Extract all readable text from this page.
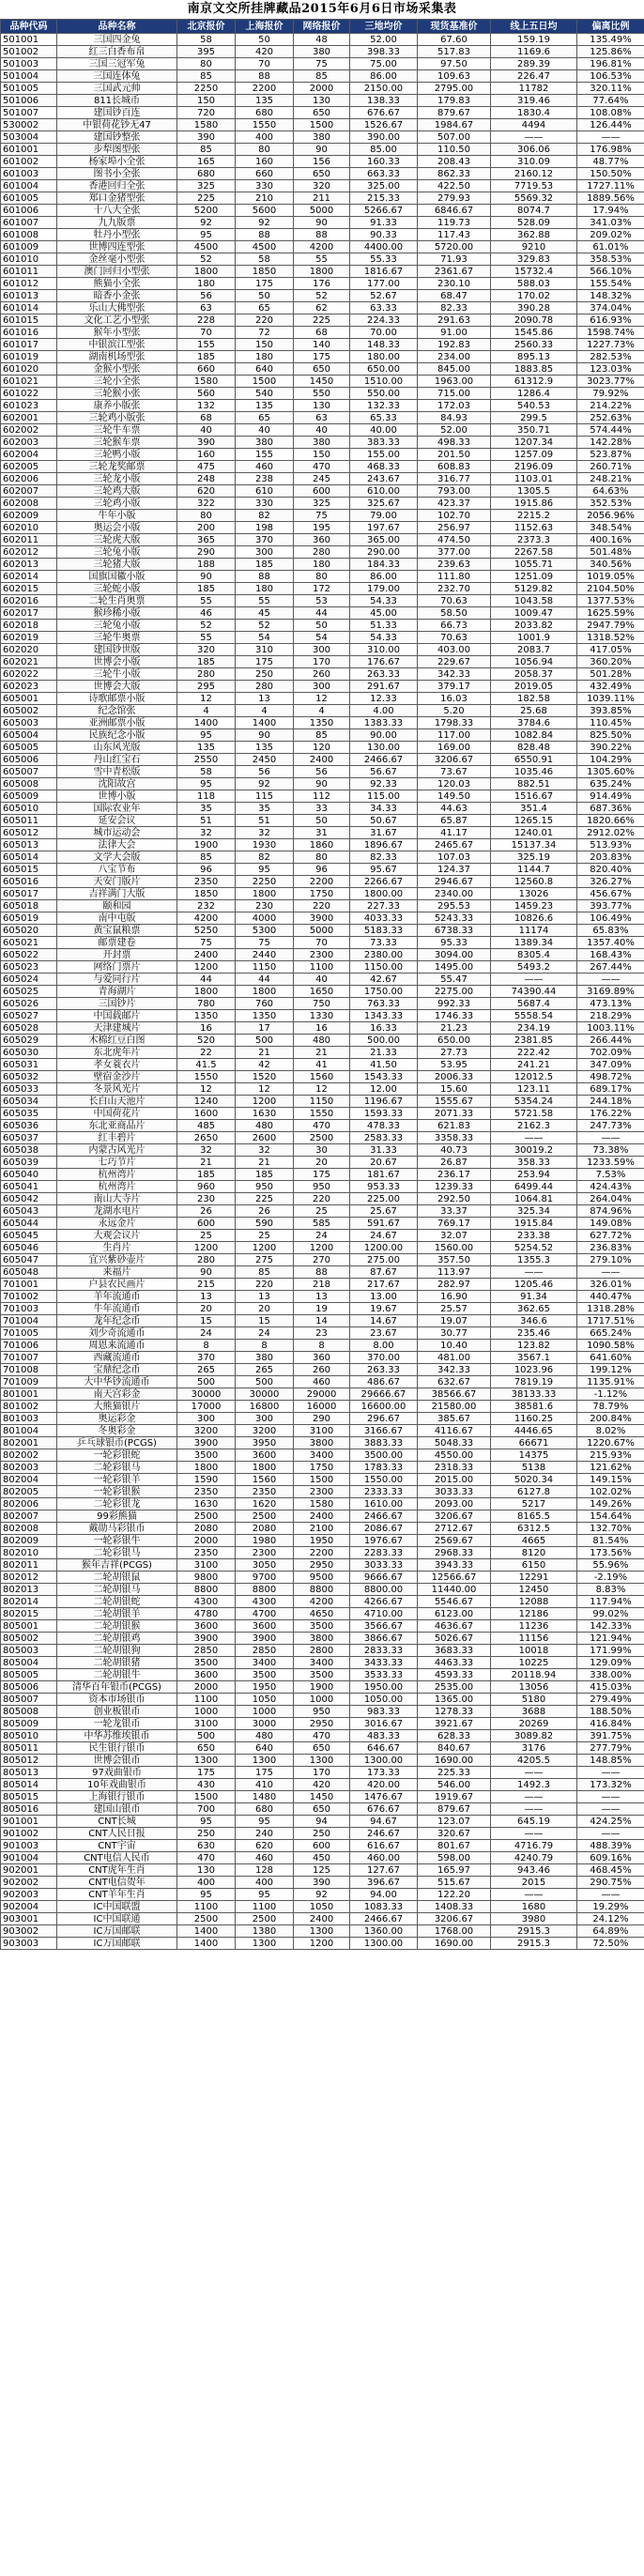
南京文交所挂牌藏品2015年6月6日市场采集表
品种代码	品种名称	北京报价	上海报价	网络报价	三地均价	现货基准价	线上五日均	偏离比例
501001	三国四金兔	58	50	48	52.00	67.60	159.19	135.49%
501002	红三白香布帛	395	420	380	398.33	517.83	1169.6	125.86%
501003	三国三冠军兔	80	70	75	75.00	97.50	289.39	196.81%
501004	三国连体兔	85	88	85	86.00	109.63	226.47	106.53%
501005	三国武元帅	2250	2200	2000	2150.00	2795.00	11782	320.11%
501006	811长城币	150	135	130	138.33	179.83	319.46	77.64%
501007	建国钞百连	720	680	650	676.67	879.67	1830.4	108.08%
530002	中银荷花钞无47	1580	1550	1500	1526.67	1984.67	4494	126.44%
503004	建国钞整张	390	400	380	390.00	507.00	——	——
601001	步犁图型张	85	80	90	85.00	110.50	306.06	176.98%
601002	杨家埠小全张	165	160	156	160.33	208.43	310.09	48.77%
601003	图书小全张	680	660	650	663.33	862.33	2160.12	150.50%
601004	香港回归全张	325	330	320	325.00	422.50	7719.53	1727.11%
601005	郑口金猪型张	225	210	211	215.33	279.93	5569.32	1889.56%
601006	十八大全张	5200	5600	5000	5266.67	6846.67	8074.7	17.94%
601007	九九版票	92	92	90	91.33	119.73	528.09	341.03%
601008	牡丹小型张	95	88	88	90.33	117.43	362.88	209.02%
601009	世博四连型张	4500	4500	4200	4400.00	5720.00	9210	61.01%
601010	金丝毫小型张	52	58	55	55.33	71.93	329.83	358.53%
601011	澳门回归小型张	1800	1850	1800	1816.67	2361.67	15732.4	566.10%
601012	熊猫小全张	180	175	176	177.00	230.10	588.03	155.54%
601013	暗香小金张	56	50	52	52.67	68.47	170.02	148.32%
601014	乐山大佛型张	63	65	62	63.33	82.33	390.28	374.04%
601015	文化工艺小型张	228	220	225	224.33	291.63	2090.78	616.93%
601016	猴年小型张	70	72	68	70.00	91.00	1545.86	1598.74%
601017	中银滨江型张	155	150	140	148.33	192.83	2560.33	1227.73%
601019	湖南机场型张	185	180	175	180.00	234.00	895.13	282.53%
601020	金猴小型张	660	640	650	650.00	845.00	1883.85	123.03%
601021	三轮小全张	1580	1500	1450	1510.00	1963.00	61312.9	3023.77%
601022	三轮猴小张	560	540	550	550.00	715.00	1286.4	79.92%
601023	康养小版张	132	135	130	132.33	172.03	540.53	214.22%
602001	三轮鸡小版张	68	65	63	65.33	84.93	299.5	252.63%
602002	三轮牛车票	40	40	40	40.00	52.00	350.71	574.44%
602003	三轮猴车票	390	380	380	383.33	498.33	1207.34	142.28%
602004	三轮鸭小版	160	155	150	155.00	201.50	1257.09	523.87%
602005	三轮龙奖邮票	475	460	470	468.33	608.83	2196.09	260.71%
602006	三轮龙小版	248	238	245	243.67	316.77	1103.01	248.21%
602007	三轮鸡大版	620	610	600	610.00	793.00	1305.5	64.63%
602008	三轮鸡小版	322	330	325	325.67	423.37	1915.86	352.53%
602009	牛年小版	80	82	75	79.00	102.70	2215.2	2056.96%
602010	奥运会小版	200	198	195	197.67	256.97	1152.63	348.54%
602011	三轮虎大版	365	370	360	365.00	474.50	2373.3	400.16%
602012	三轮兔小版	290	300	280	290.00	377.00	2267.58	501.48%
602013	三轮猪大版	188	185	180	184.33	239.63	1055.71	340.56%
602014	国旗国徽小版	90	88	80	86.00	111.80	1251.09	1019.05%
602015	三轮蛇小版	185	180	172	179.00	232.70	5129.82	2104.50%
602016	二轮生肖奥票	55	55	53	54.33	70.63	1043.58	1377.53%
602017	猴珍稀小版	46	45	44	45.00	58.50	1009.47	1625.59%
602018	三轮兔小版	52	52	50	51.33	66.73	2033.82	2947.79%
602019	三轮牛奥票	55	54	54	54.33	70.63	1001.9	1318.52%
602020	建国钞世版	320	310	300	310.00	403.00	2083.7	417.05%
602021	世博会小版	185	175	170	176.67	229.67	1056.94	360.20%
602022	三轮牛小版	280	250	260	263.33	342.33	2058.37	501.28%
602023	世博会大版	295	280	300	291.67	379.17	2019.05	432.49%
605001	诗歌邮票小版	12	13	12	12.33	16.03	182.58	1039.11%
605002	纪念馆张	4	4	4	4.00	5.20	25.68	393.85%
605003	亚洲邮票小版	1400	1400	1350	1383.33	1798.33	3784.6	110.45%
605004	民族纪念小版	95	90	85	90.00	117.00	1082.84	825.50%
605005	山东风光版	135	135	120	130.00	169.00	828.48	390.22%
605006	丹山红宝石	2550	2450	2400	2466.67	3206.67	6550.91	104.29%
605007	雪中青松版	58	56	56	56.67	73.67	1035.46	1305.60%
605008	沈阳故宫	95	92	90	92.33	120.03	882.51	635.24%
605009	世博小版	118	115	112	115.00	149.50	1516.67	914.49%
605010	国际农业年	35	35	33	34.33	44.63	351.4	687.36%
605011	延安会议	51	51	50	50.67	65.87	1265.15	1820.66%
605012	城市运动会	32	32	31	31.67	41.17	1240.01	2912.02%
605013	法律大会	1900	1930	1860	1896.67	2465.67	15137.34	513.93%
605014	文学大会版	85	82	80	82.33	107.03	325.19	203.83%
605015	八宝节布	96	95	96	95.67	124.37	1144.7	820.40%
605016	天安门版片	2350	2250	2200	2266.67	2946.67	12560.8	326.27%
605017	吉祥满门大版	1850	1800	1750	1800.00	2340.00	13026	456.67%
605018	颐和园	232	230	220	227.33	295.53	1459.23	393.77%
605019	南中屯版	4200	4000	3900	4033.33	5243.33	10826.6	106.49%
605020	黄宝鼠粮票	5250	5300	5000	5183.33	6738.33	11174	65.83%
605021	邮票建卷	75	75	70	73.33	95.33	1389.34	1357.40%
605022	开封票	2400	2440	2300	2380.00	3094.00	8305.4	168.43%
605023	网络门票片	1200	1150	1100	1150.00	1495.00	5493.2	267.44%
605024	与爱同行片	44	44	40	42.67	55.47	——	——
605025	青海湖片	1800	1800	1650	1750.00	2275.00	74390.44	3169.89%
605026	三国钞片	780	760	750	763.33	992.33	5687.4	473.13%
605027	中国载邮片	1350	1350	1330	1343.33	1746.33	5558.54	218.29%
605028	天津建城片	16	17	16	16.33	21.23	234.19	1003.11%
605029	木棉红豆白图	520	500	480	500.00	650.00	2381.85	266.44%
605030	东北虎年片	22	21	21	21.33	27.73	222.42	702.09%
605031	孝女蓑衣片	41.5	42	41	41.50	53.95	241.21	347.09%
605032	壁宿金沙片	1550	1520	1560	1543.33	2006.33	12012.5	498.72%
605033	冬景风光片	12	12	12	12.00	15.60	123.11	689.17%
605034	长白山天池片	1240	1200	1150	1196.67	1555.67	5354.24	244.18%
605035	中国荷花片	1600	1630	1550	1593.33	2071.33	5721.58	176.22%
605036	东北亚商品片	485	480	470	478.33	621.83	2162.3	247.73%
605037	红丰碧片	2650	2600	2500	2583.33	3358.33	——	——
605038	内蒙古风光片	32	32	30	31.33	40.73	30019.2	73.38%
605039	七巧节片	21	21	20	20.67	26.87	358.33	1233.59%
605040	杭州湾片	185	185	175	181.67	236.17	253.94	7.53%
605041	杭州湾片	960	950	950	953.33	1239.33	6499.44	424.43%
605042	南山大寺片	230	225	220	225.00	292.50	1064.81	264.04%
605043	龙湖水电片	26	26	25	25.67	33.37	325.34	874.96%
605044	永远金片	600	590	585	591.67	769.17	1915.84	149.08%
605045	大观会议片	25	25	24	24.67	32.07	233.38	627.72%
605046	生肖片	1200	1200	1200	1200.00	1560.00	5254.52	236.83%
605047	宜兴紫砂壶片	280	275	270	275.00	357.50	1355.3	279.10%
605048	来福片	90	85	88	87.67	113.97	——	——
701001	户县农民画片	215	220	218	217.67	282.97	1205.46	326.01%
701002	羊年流通币	13	13	13	13.00	16.90	91.34	440.47%
701003	牛年流通币	20	20	19	19.67	25.57	362.65	1318.28%
701004	龙年纪念币	15	15	14	14.67	19.07	346.6	1717.51%
701005	刘少奇流通币	24	24	23	23.67	30.77	235.46	665.24%
701006	周恩来流通币	8	8	8	8.00	10.40	123.82	1090.58%
701007	西藏流通币	370	380	360	370.00	481.00	3567.1	641.60%
701008	宝鼎纪念币	265	265	260	263.33	342.33	1023.96	199.12%
701009	大中华钞流通币	500	500	460	486.67	632.67	7819.19	1135.91%
801001	南天宫彩金	30000	30000	29000	29666.67	38566.67	38133.33	-1.12%
801002	大熊猫银片	17000	16800	16000	16600.00	21580.00	38581.6	78.79%
801003	奥运彩金	300	300	290	296.67	385.67	1160.25	200.84%
801004	冬奥彩金	3200	3200	3100	3166.67	4116.67	4446.65	8.02%
802001	乒乓球银币(PCGS)	3900	3950	3800	3883.33	5048.33	66671	1220.67%
802002	一轮彩银蛇	3500	3600	3400	3500.00	4550.00	14375	215.93%
802003	二轮彩银马	1800	1800	1750	1783.33	2318.33	5138	121.62%
802004	一轮彩银羊	1590	1560	1500	1550.00	2015.00	5020.34	149.15%
802005	一轮彩银猴	2350	2350	2300	2333.33	3033.33	6127.8	102.02%
802006	二轮彩银龙	1630	1620	1580	1610.00	2093.00	5217	149.26%
802007	99彩熊猫	2500	2500	2400	2466.67	3206.67	8165.5	154.64%
802008	戴勋马彩银币	2080	2080	2100	2086.67	2712.67	6312.5	132.70%
802009	一轮彩银牛	2000	1980	1950	1976.67	2569.67	4665	81.54%
802010	二轮彩银马	2350	2300	2200	2283.33	2968.33	8120	173.56%
802011	猴年吉祥(PCGS)	3100	3050	2950	3033.33	3943.33	6150	55.96%
802012	二轮胡银鼠	9800	9700	9500	9666.67	12566.67	12291	-2.19%
802013	二轮胡银马	8800	8800	8800	8800.00	11440.00	12450	8.83%
802014	二轮胡银蛇	4300	4300	4200	4266.67	5546.67	12088	117.94%
802015	二轮胡银羊	4780	4700	4650	4710.00	6123.00	12186	99.02%
805001	二轮胡银猴	3600	3600	3500	3566.67	4636.67	11236	142.33%
805002	二轮胡银鸡	3900	3900	3800	3866.67	5026.67	11156	121.94%
805003	二轮胡银狗	2850	2850	2800	2833.33	3683.33	10018	171.99%
805004	二轮胡银猪	3500	3400	3400	3433.33	4463.33	10225	129.09%
805005	二轮胡银牛	3600	3500	3500	3533.33	4593.33	20118.94	338.00%
805006	清华百年银币(PCGS)	2000	1950	1900	1950.00	2535.00	13056	415.03%
805007	资本市场银币	1100	1050	1000	1050.00	1365.00	5180	279.49%
805008	创业板银币	1000	1000	950	983.33	1278.33	3688	188.50%
805009	一轮龙银币	3100	3000	2950	3016.67	3921.67	20269	416.84%
805010	中华苏维埃银币	500	480	470	483.33	628.33	3089.82	391.75%
805011	民生银行银币	650	640	650	646.67	840.67	3176	277.79%
805012	世博会银币	1300	1300	1300	1300.00	1690.00	4205.5	148.85%
805013	97戏曲银币	175	175	170	173.33	225.33	——	——
805014	10年戏曲银币	430	410	420	420.00	546.00	1492.3	173.32%
805015	上海银行银币	1500	1480	1450	1476.67	1919.67	——	——
805016	建国山银币	700	680	650	676.67	879.67	——	——
901001	CNT长城	95	95	94	94.67	123.07	645.19	424.25%
901002	CNT人民日报	250	240	250	246.67	320.67	——	——
901003	CNT宇宙	630	620	600	616.67	801.67	4716.79	488.39%
901004	CNT电信人民币	470	460	450	460.00	598.00	4240.79	609.16%
902001	CNT虎年生肖	130	128	125	127.67	165.97	943.46	468.45%
902002	CNT电信贺年	400	400	390	396.67	515.67	2015	290.75%
902003	CNT羊年生肖	95	95	92	94.00	122.20	——	——
902004	IC中国联盟	1100	1100	1050	1083.33	1408.33	1680	19.29%
903001	IC中国联通	2500	2500	2400	2466.67	3206.67	3980	24.12%
903002	IC万国邮联	1400	1380	1300	1360.00	1768.00	2915.3	64.89%
903003	IC万国邮联	1400	1300	1200	1300.00	1690.00	2915.3	72.50%
